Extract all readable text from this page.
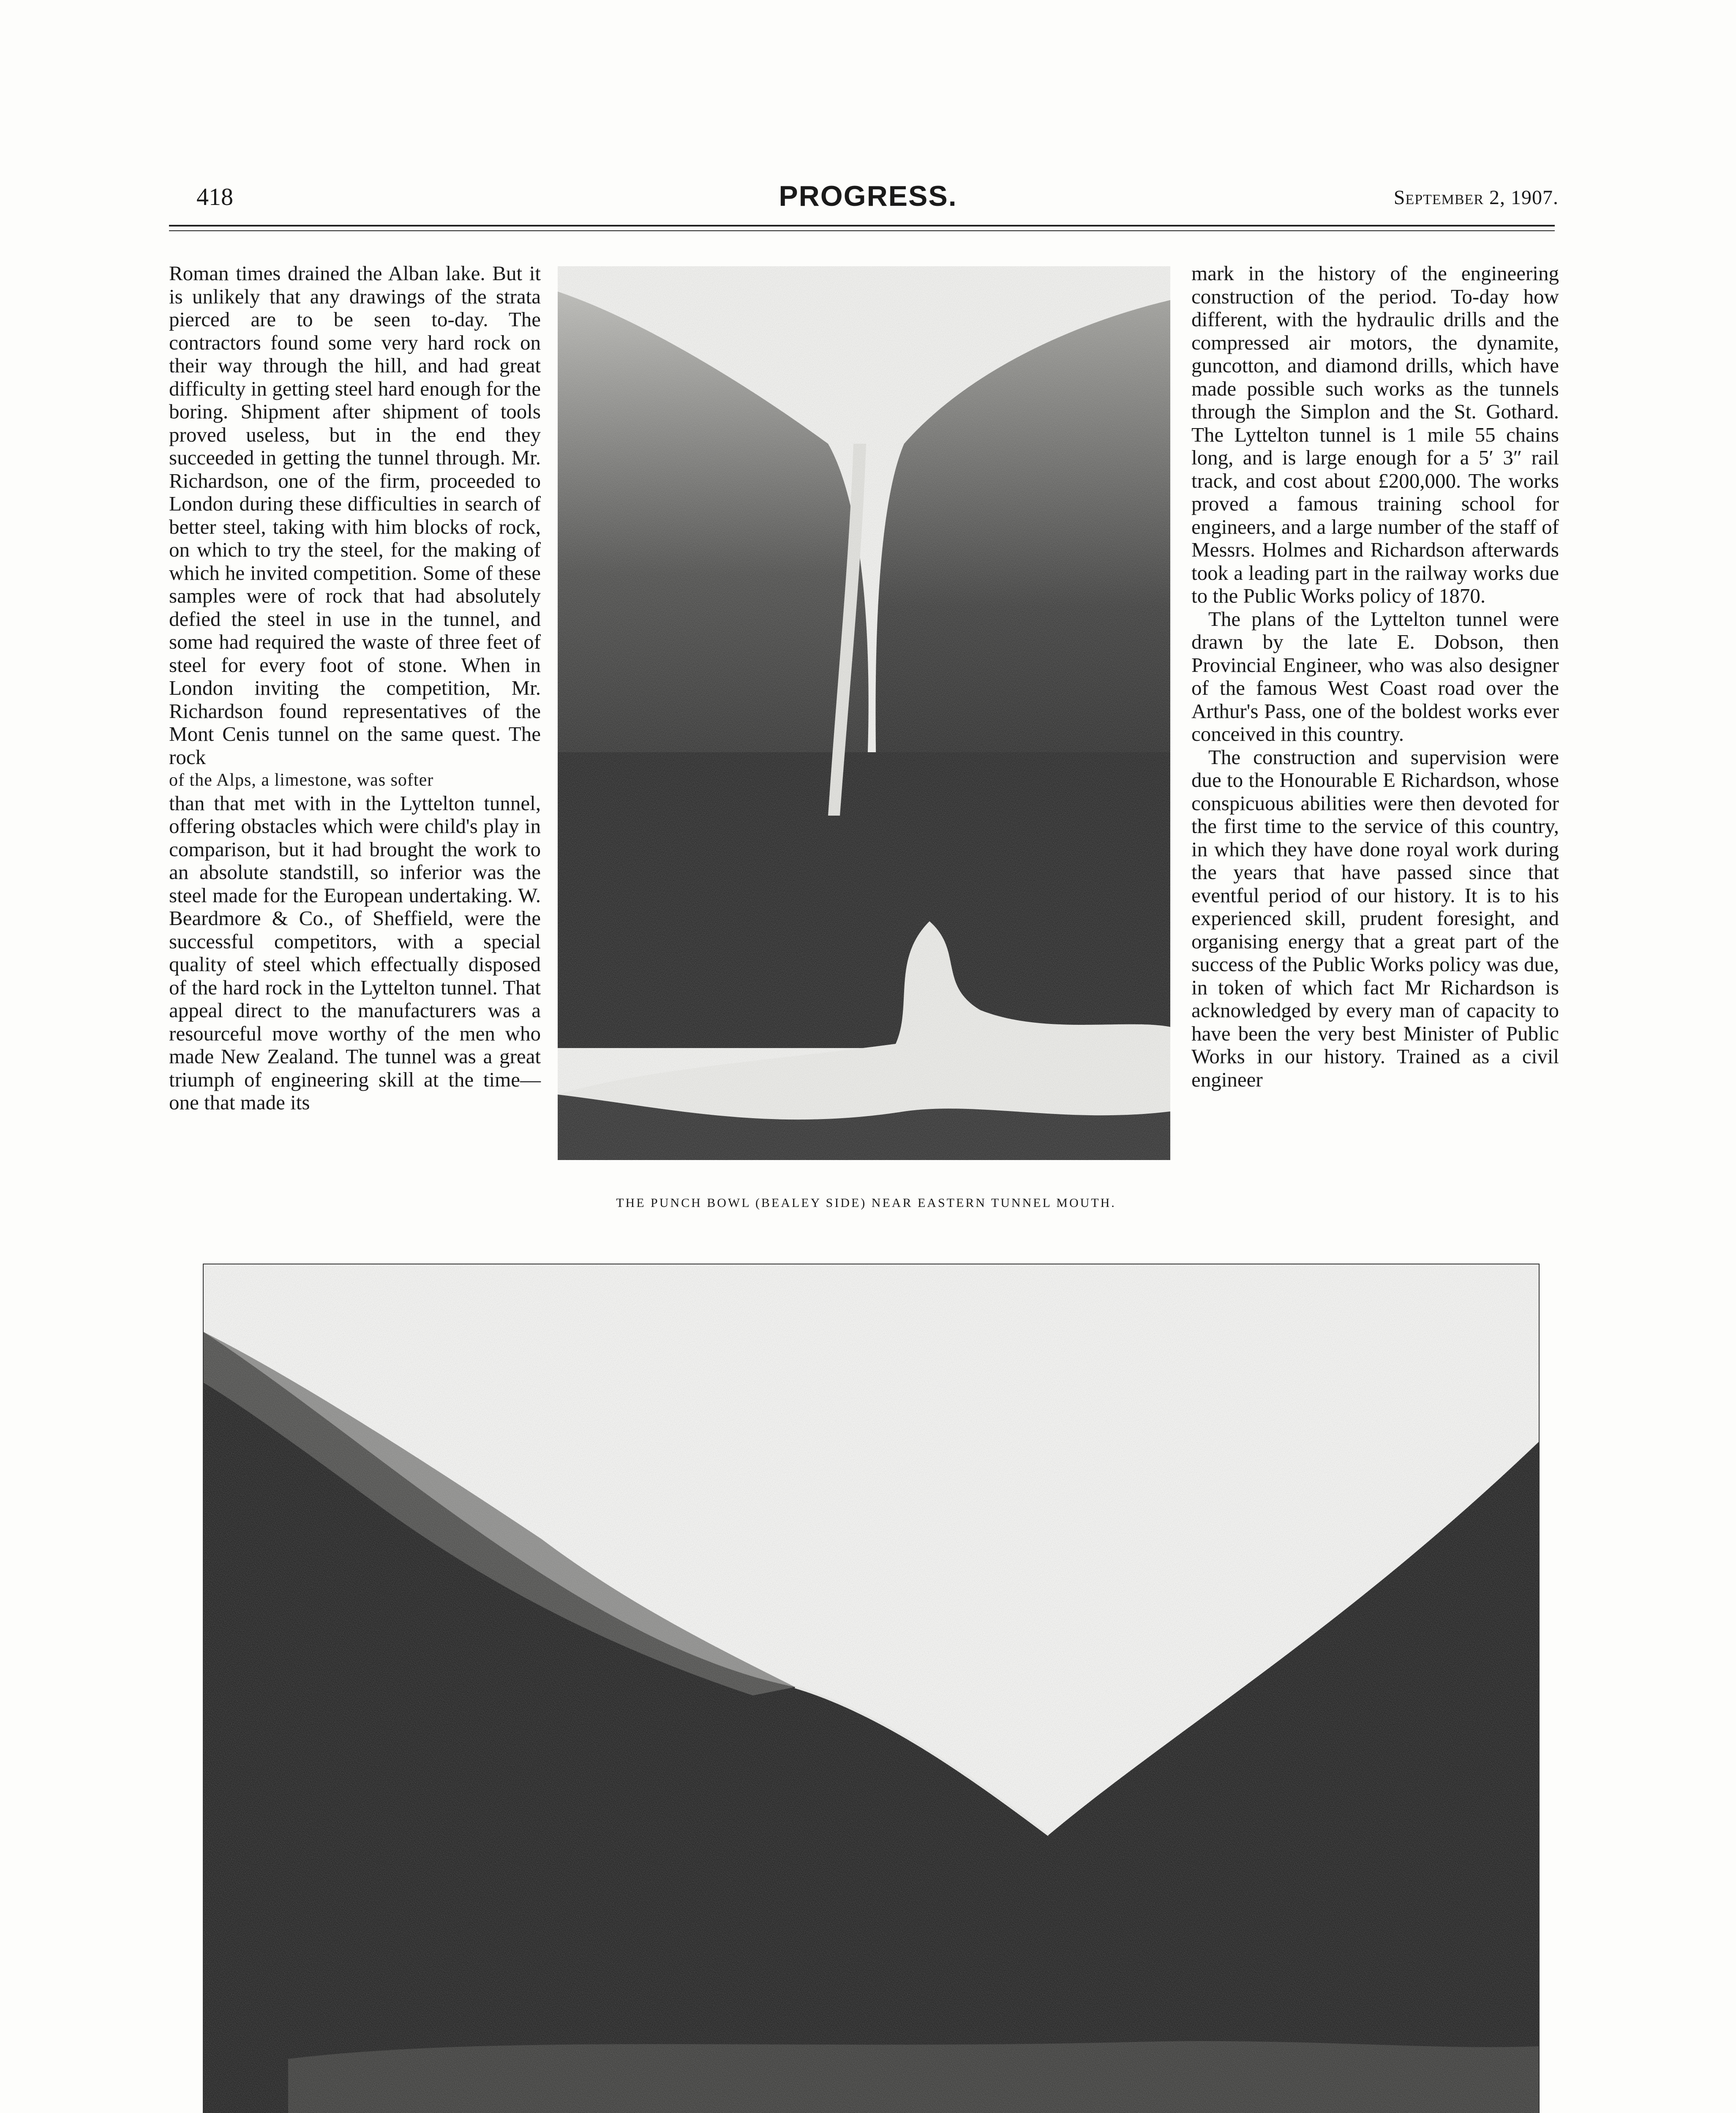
418	PROGRESS.	September 2, 1907.

Roman times drained the Alban lake. But it is unlikely that any drawings of the strata pierced are to be seen to-day. The contractors found some very hard rock on their way through the hill, and had great difficulty in getting steel hard enough for the boring. Shipment after shipment of tools proved useless, but in the end they succeeded in getting the tunnel through. Mr. Richardson, one of the firm, proceeded to London during these difficulties in search of better steel, taking with him blocks of rock, on which to try the steel, for the making of which he invited competition. Some of these samples were of rock that had absolutely defied the steel in use in the tunnel, and some had required the waste of three feet of steel for every foot of stone. When in London inviting the competition, Mr. Richardson found representatives of the Mont Cenis tunnel on the same quest. The rock

of the Alps, a limestone, was softer

than that met with in the Lyttelton tunnel, offering obstacles which were child's play in comparison, but it had brought the work to an absolute standstill, so inferior was the steel made for the European undertaking. W. Beardmore & Co., of Sheffield, were the successful competitors, with a special quality of steel which effectually disposed of the hard rock in the Lyttelton tunnel. That appeal direct to the manufacturers was a resourceful move worthy of the men who made New Zealand. The tunnel was a great triumph of engineering skill at the time—one that made its

THE PUNCH BOWL (BEALEY SIDE) NEAR EASTERN TUNNEL MOUTH.

mark in the history of the engineering construction of the period. To-day how different, with the hydraulic drills and the compressed air motors, the dynamite, guncotton, and diamond drills, which have made possible such works as the tunnels through the Simplon and the St. Gothard. The Lyttelton tunnel is 1 mile 55 chains long, and is large enough for a 5′ 3″ rail track, and cost about £200,000. The works proved a famous training school for engineers, and a large number of the staff of Messrs. Holmes and Richardson afterwards took a leading part in the railway works due to the Public Works policy of 1870.

The plans of the Lyttelton tunnel were drawn by the late E. Dobson, then Provincial Engineer, who was also designer of the famous West Coast road over the Arthur's Pass, one of the boldest works ever conceived in this country.

The construction and supervision were due to the Honourable E Richardson, whose conspicuous abilities were then devoted for the first time to the service of this country, in which they have done royal work during the years that have passed since that eventful period of our history. It is to his experienced skill, prudent foresight, and organising energy that a great part of the success of the Public Works policy was due, in token of which fact Mr Richardson is acknowledged by every man of capacity to have been the very best Minister of Public Works in our history. Trained as a civil engineer
